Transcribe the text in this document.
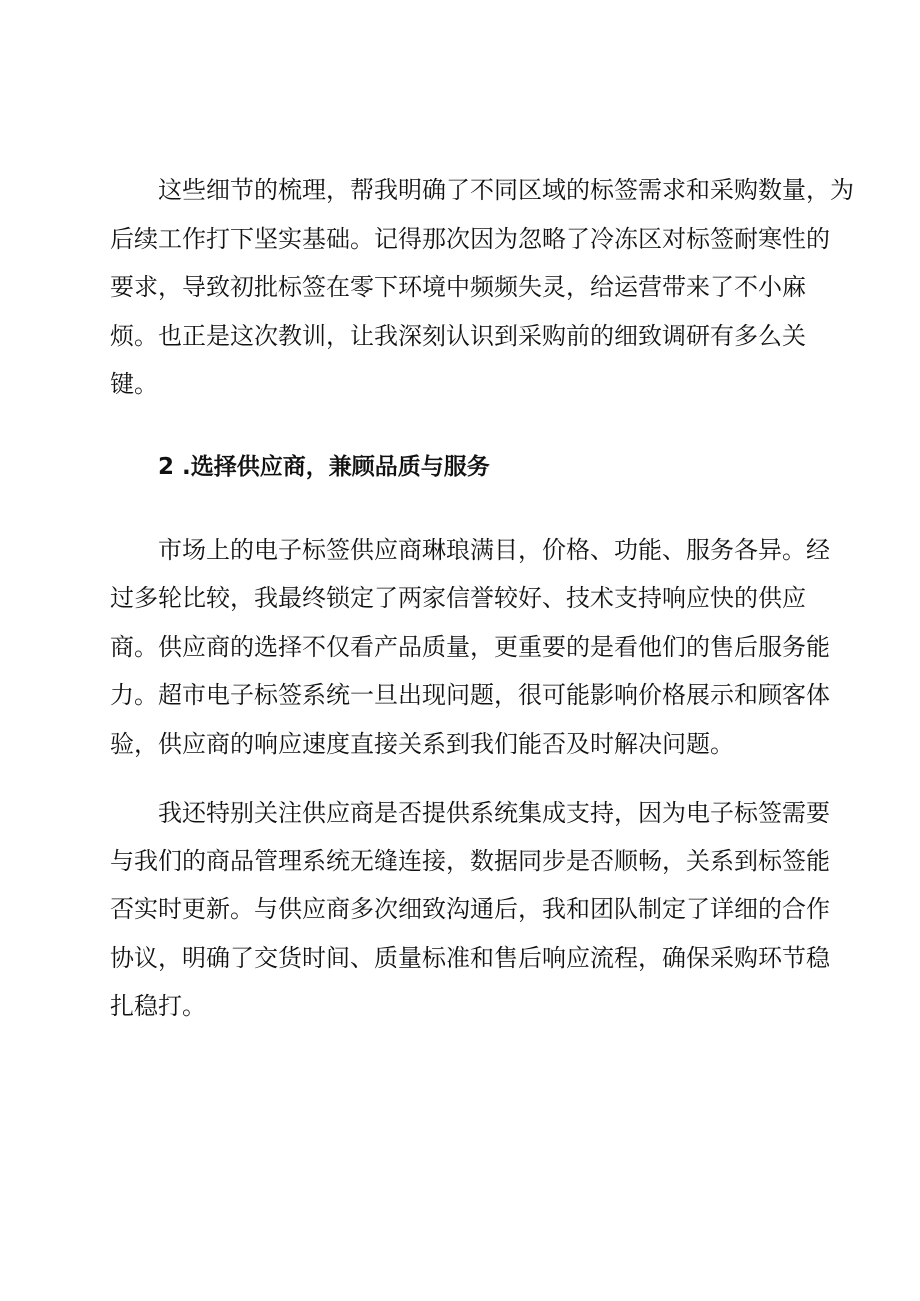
这些细节的梳理，帮我明确了不同区域的标签需求和采购数量，为
后续工作打下坚实基础。记得那次因为忽略了冷冻区对标签耐寒性的
要求，导致初批标签在零下环境中频频失灵，给运营带来了不小麻
烦。也正是这次教训，让我深刻认识到采购前的细致调研有多么关
键。
2 .选择供应商，兼顾品质与服务
市场上的电子标签供应商琳琅满目，价格、功能、服务各异。经
过多轮比较，我最终锁定了两家信誉较好、技术支持响应快的供应
商。供应商的选择不仅看产品质量，更重要的是看他们的售后服务能
力。超市电子标签系统一旦出现问题，很可能影响价格展示和顾客体
验，供应商的响应速度直接关系到我们能否及时解决问题。
我还特别关注供应商是否提供系统集成支持，因为电子标签需要
与我们的商品管理系统无缝连接，数据同步是否顺畅，关系到标签能
否实时更新。与供应商多次细致沟通后，我和团队制定了详细的合作
协议，明确了交货时间、质量标准和售后响应流程，确保采购环节稳
扎稳打。
